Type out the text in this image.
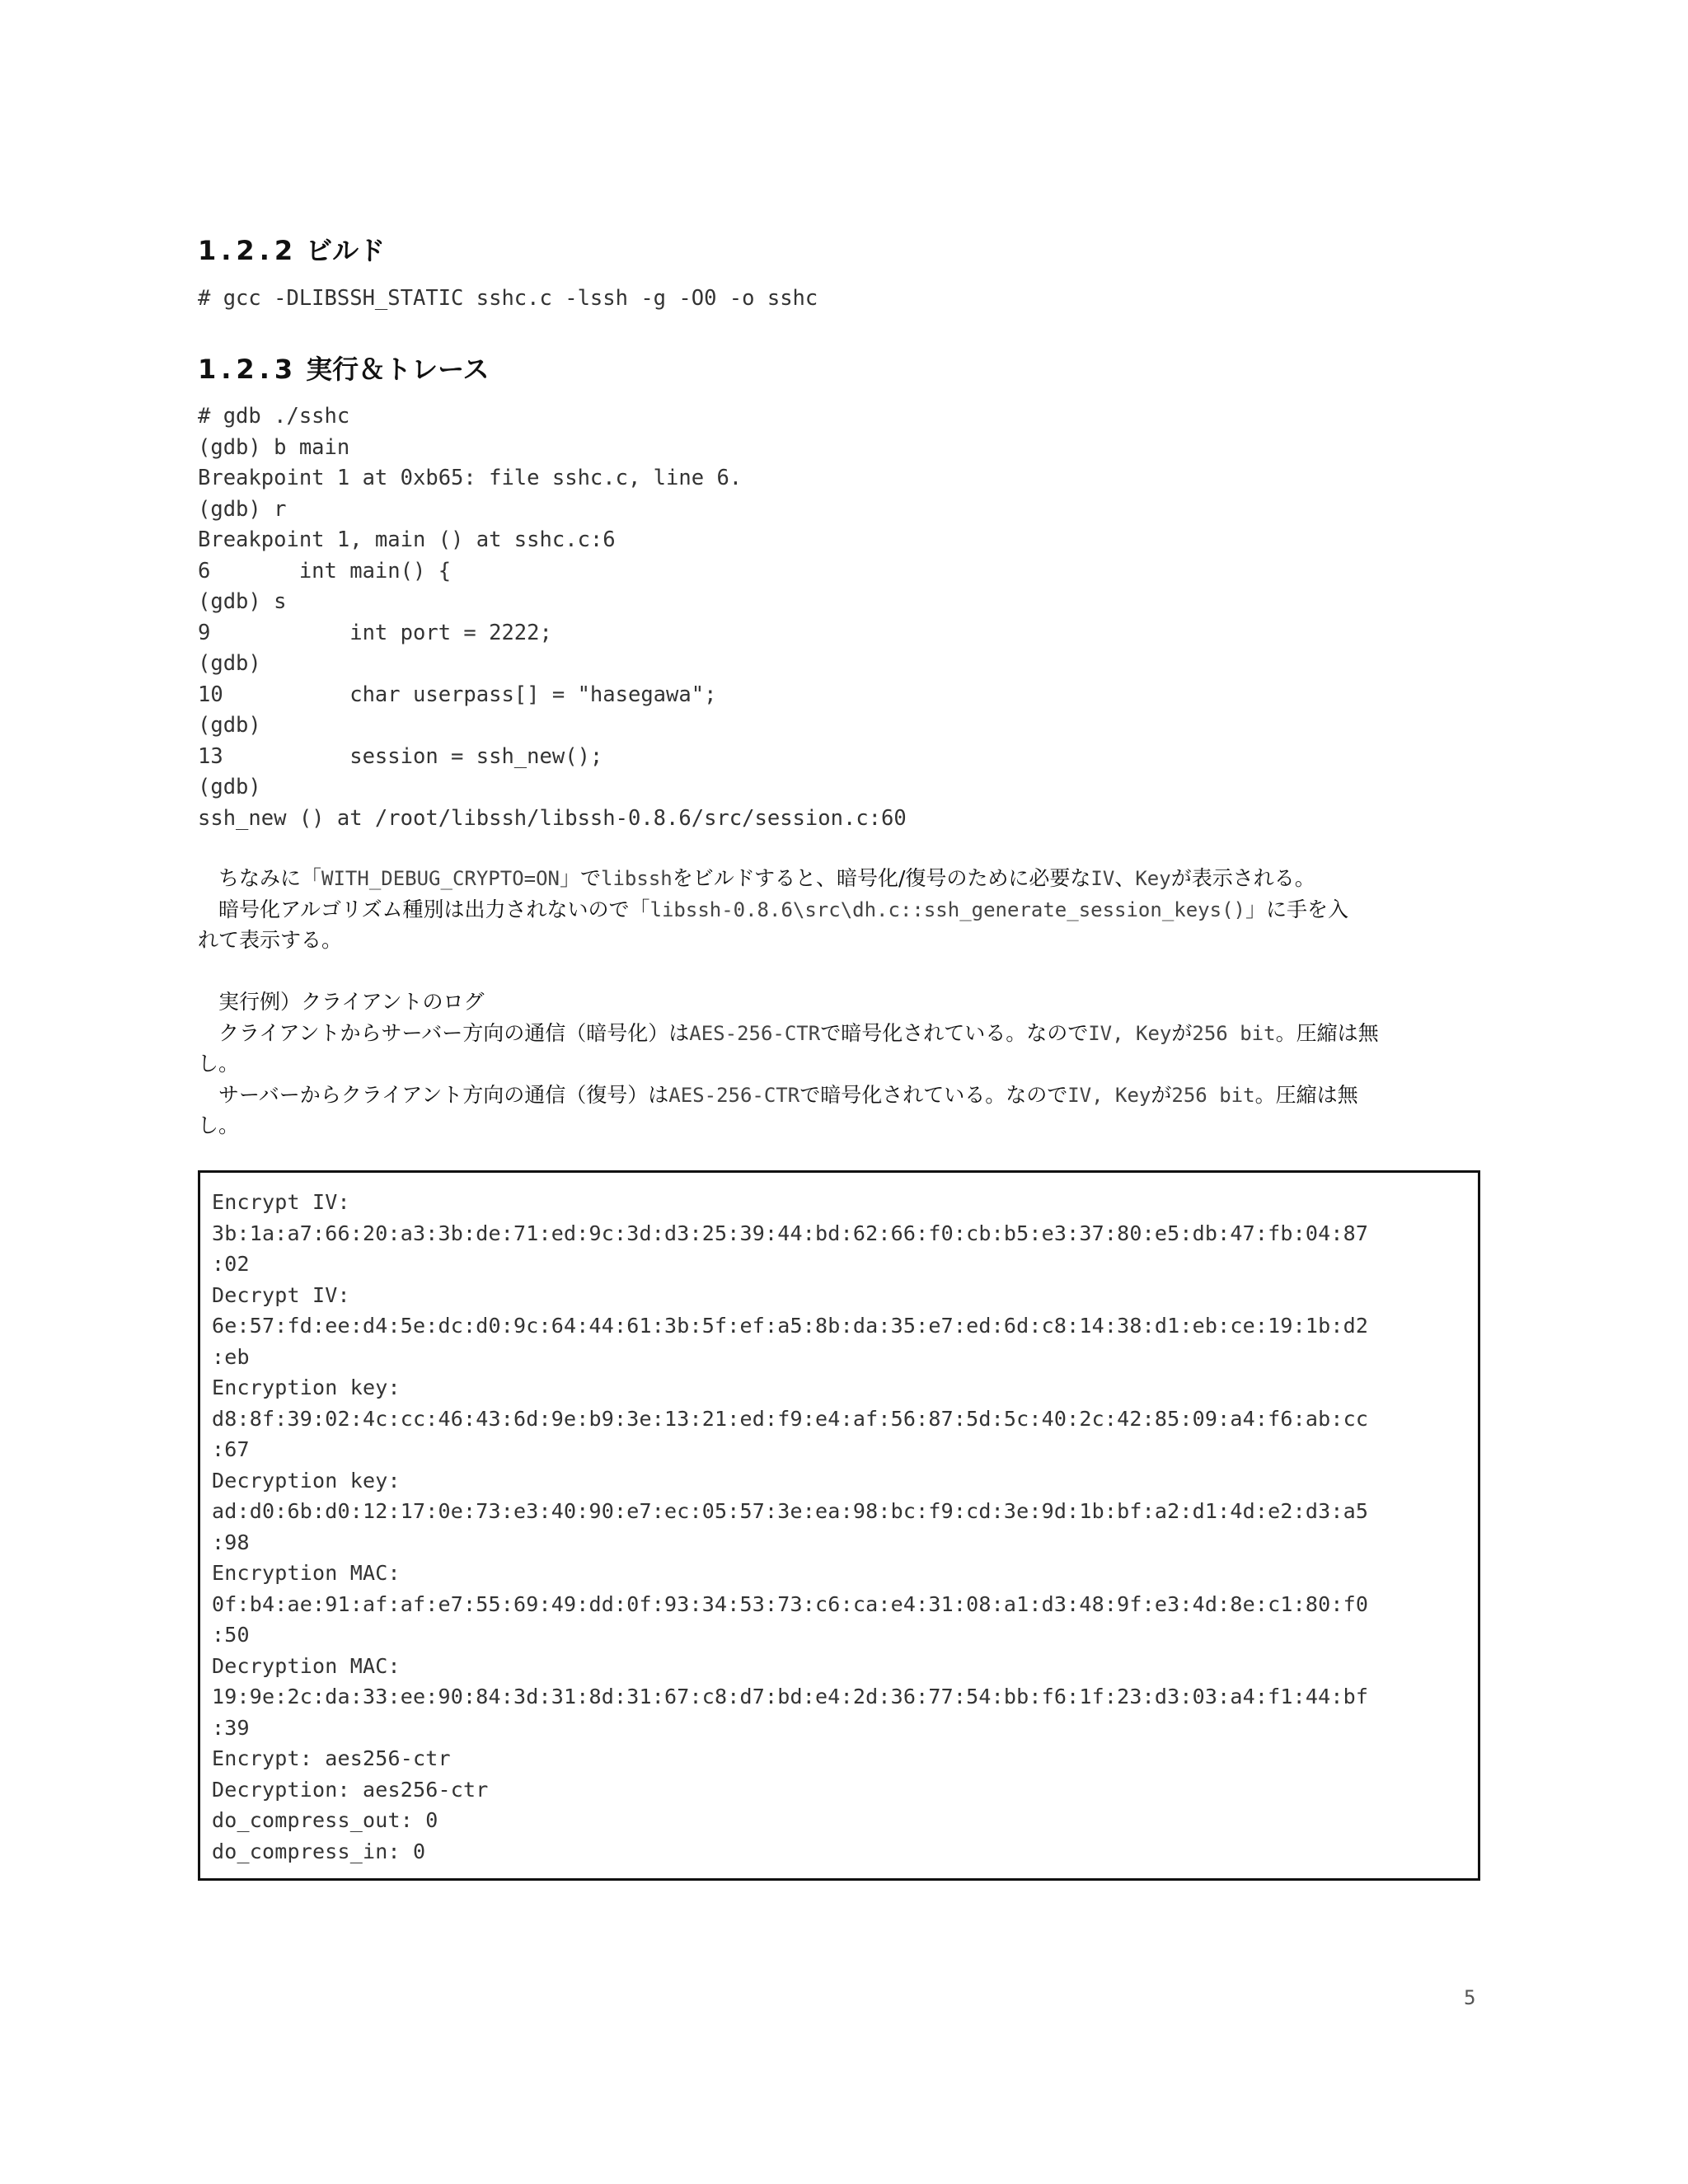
1.2.2 ビルド
# gcc -DLIBSSH_STATIC sshc.c -lssh -g -O0 -o sshc
1.2.3 実行＆トレース
# gdb ./sshc
(gdb) b main
Breakpoint 1 at 0xb65: file sshc.c, line 6.
(gdb) r
Breakpoint 1, main () at sshc.c:6
6       int main() {
(gdb) s
9           int port = 2222;
(gdb)
10          char userpass[] = "hasegawa";
(gdb)
13          session = ssh_new();
(gdb)
ssh_new () at /root/libssh/libssh-0.8.6/src/session.c:60
　ちなみに「WITH_DEBUG_CRYPTO=ON」でlibsshをビルドすると、暗号化/復号のために必要なIV、Keyが表示される。
　暗号化アルゴリズム種別は出力されないので「libssh-0.8.6\src\dh.c::ssh_generate_session_keys()」に手を入
れて表示する。
　実行例）クライアントのログ
　クライアントからサーバー方向の通信（暗号化）はAES-256-CTRで暗号化されている。なのでIV, Keyが256 bit。圧縮は無
し。
　サーバーからクライアント方向の通信（復号）はAES-256-CTRで暗号化されている。なのでIV, Keyが256 bit。圧縮は無
し。
Encrypt IV:
3b:1a:a7:66:20:a3:3b:de:71:ed:9c:3d:d3:25:39:44:bd:62:66:f0:cb:b5:e3:37:80:e5:db:47:fb:04:87
:02
Decrypt IV:
6e:57:fd:ee:d4:5e:dc:d0:9c:64:44:61:3b:5f:ef:a5:8b:da:35:e7:ed:6d:c8:14:38:d1:eb:ce:19:1b:d2
:eb
Encryption key:
d8:8f:39:02:4c:cc:46:43:6d:9e:b9:3e:13:21:ed:f9:e4:af:56:87:5d:5c:40:2c:42:85:09:a4:f6:ab:cc
:67
Decryption key:
ad:d0:6b:d0:12:17:0e:73:e3:40:90:e7:ec:05:57:3e:ea:98:bc:f9:cd:3e:9d:1b:bf:a2:d1:4d:e2:d3:a5
:98
Encryption MAC:
0f:b4:ae:91:af:af:e7:55:69:49:dd:0f:93:34:53:73:c6:ca:e4:31:08:a1:d3:48:9f:e3:4d:8e:c1:80:f0
:50
Decryption MAC:
19:9e:2c:da:33:ee:90:84:3d:31:8d:31:67:c8:d7:bd:e4:2d:36:77:54:bb:f6:1f:23:d3:03:a4:f1:44:bf
:39
Encrypt: aes256-ctr
Decryption: aes256-ctr
do_compress_out: 0
do_compress_in: 0
5
